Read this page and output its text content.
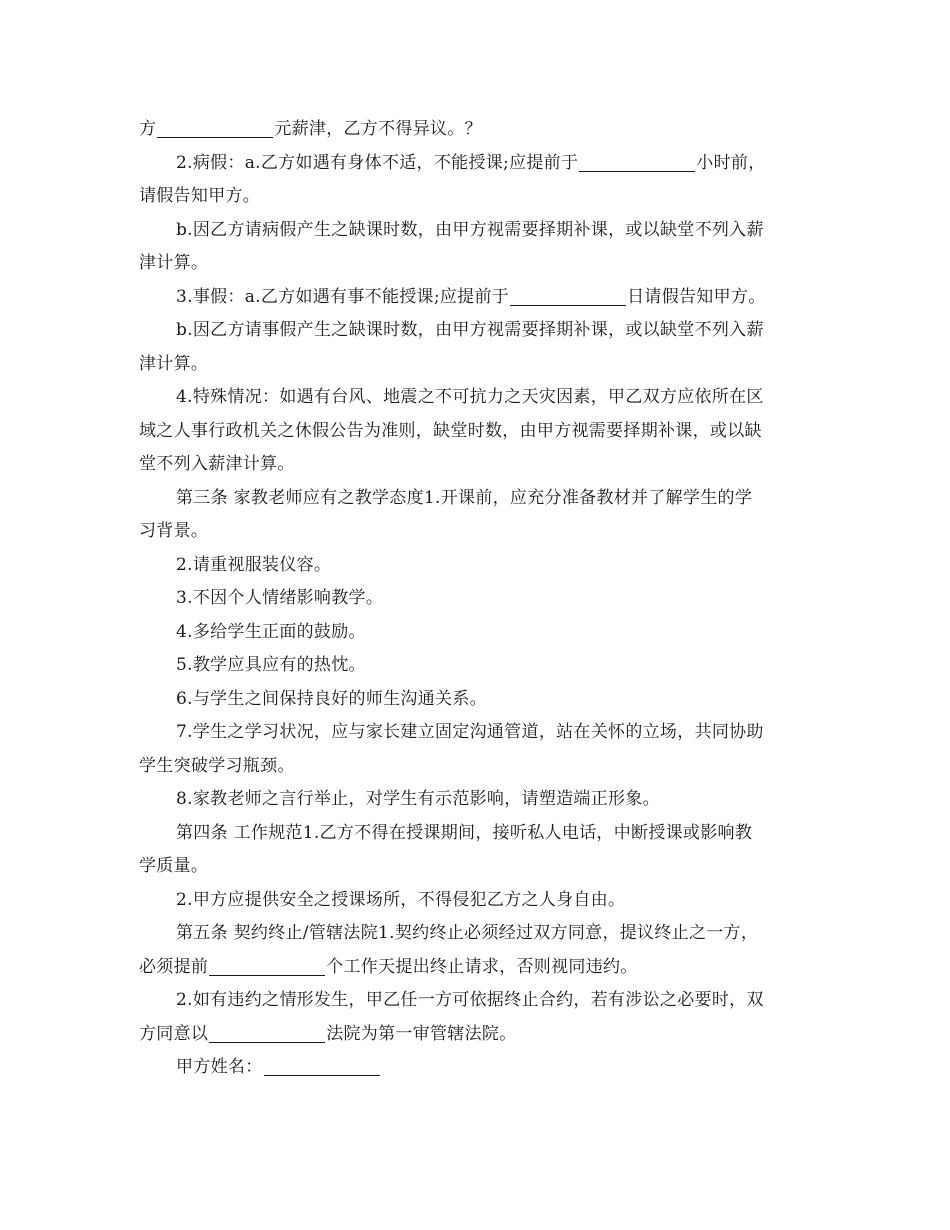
方	元薪津，乙方不得异议。？
2.病假：a.乙方如遇有身体不适，不能授课;应提前于	小时前，
请假告知甲方。
b.因乙方请病假产生之缺课时数，由甲方视需要择期补课，或以缺堂不列入薪
津计算。
3.事假：a.乙方如遇有事不能授课;应提前于	日请假告知甲方。
b.因乙方请事假产生之缺课时数，由甲方视需要择期补课，或以缺堂不列入薪
津计算。
4.特殊情况：如遇有台风、地震之不可抗力之天灾因素，甲乙双方应依所在区
域之人事行政机关之休假公告为准则，缺堂时数，由甲方视需要择期补课，或以缺
堂不列入薪津计算。
第三条 家教老师应有之教学态度1.开课前，应充分准备教材并了解学生的学
习背景。
2.请重视服装仪容。
3.不因个人情绪影响教学。
4.多给学生正面的鼓励。
5.教学应具应有的热忱。
6.与学生之间保持良好的师生沟通关系。
7.学生之学习状况，应与家长建立固定沟通管道，站在关怀的立场，共同协助
学生突破学习瓶颈。
8.家教老师之言行举止，对学生有示范影响，请塑造端正形象。
第四条 工作规范1.乙方不得在授课期间，接听私人电话，中断授课或影响教
学质量。
2.甲方应提供安全之授课场所，不得侵犯乙方之人身自由。
第五条 契约终止/管辖法院1.契约终止必须经过双方同意，提议终止之一方，
必须提前	个工作天提出终止请求，否则视同违约。
2.如有违约之情形发生，甲乙任一方可依据终止合约，若有涉讼之必要时，双
方同意以	法院为第一审管辖法院。
甲方姓名：
